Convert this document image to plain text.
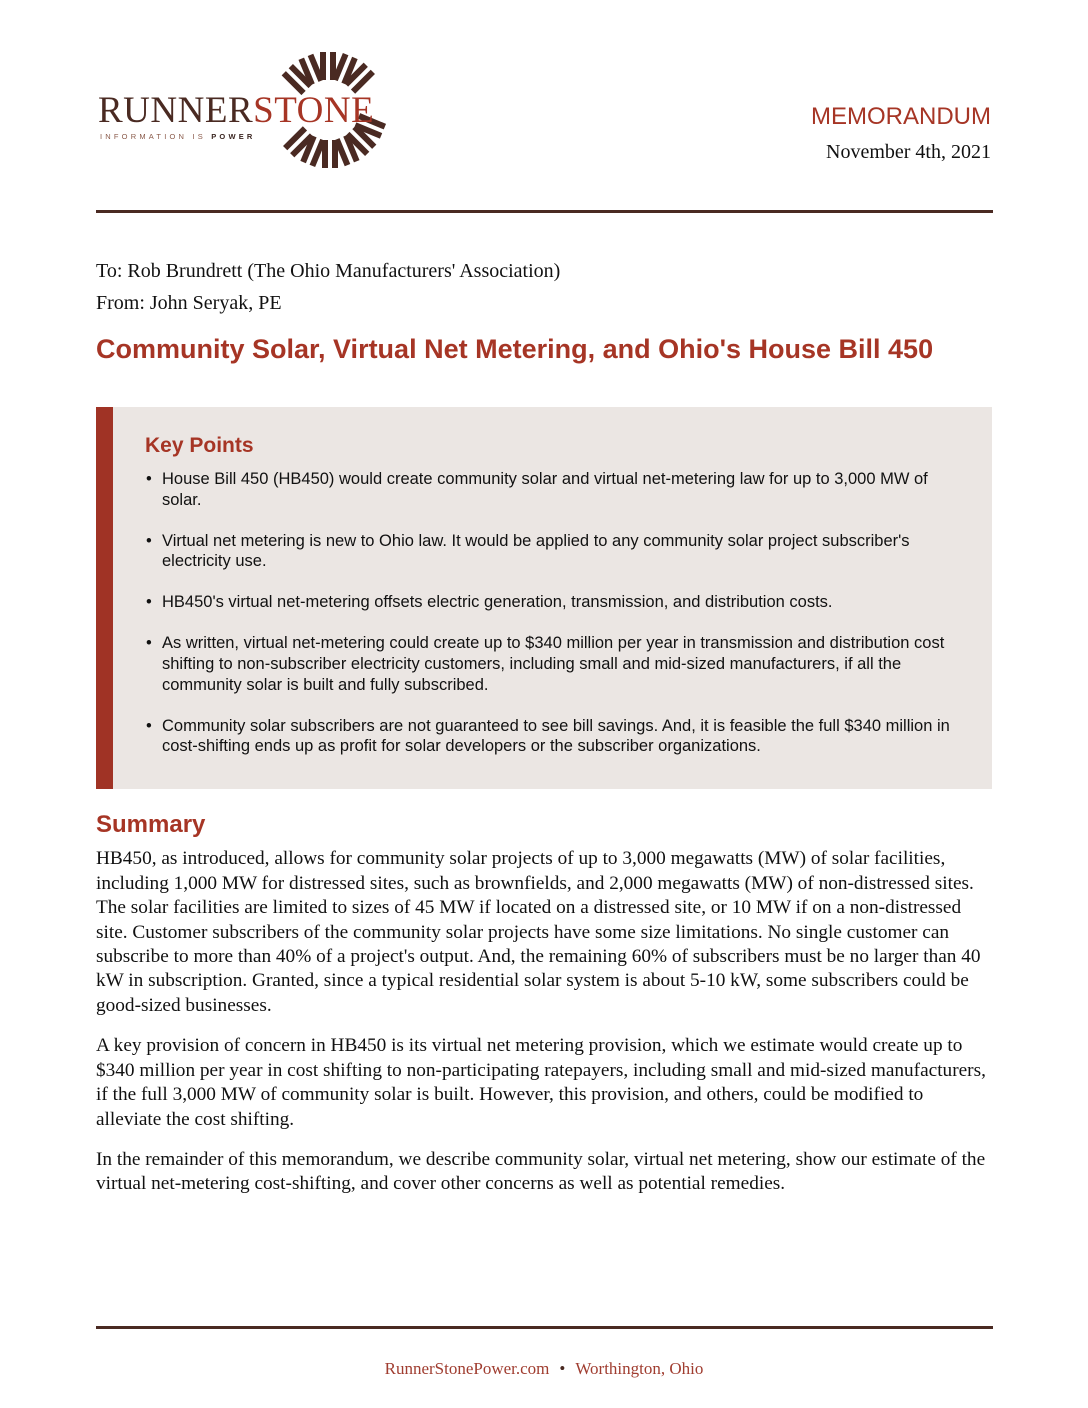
RUNNERSTONE
INFORMATION IS POWER
MEMORANDUM
November 4th, 2021
To: Rob Brundrett (The Ohio Manufacturers' Association)
From: John Seryak, PE
Community Solar, Virtual Net Metering, and Ohio's House Bill 450
Key Points
• House Bill 450 (HB450) would create community solar and virtual net-metering law for up to 3,000 MW of solar.
• Virtual net metering is new to Ohio law. It would be applied to any community solar project subscriber's electricity use.
• HB450's virtual net-metering offsets electric generation, transmission, and distribution costs.
• As written, virtual net-metering could create up to $340 million per year in transmission and distribution cost shifting to non-subscriber electricity customers, including small and mid-sized manufacturers, if all the community solar is built and fully subscribed.
• Community solar subscribers are not guaranteed to see bill savings. And, it is feasible the full $340 million in cost-shifting ends up as profit for solar developers or the subscriber organizations.
Summary

HB450, as introduced, allows for community solar projects of up to 3,000 megawatts (MW) of solar facilities, including 1,000 MW for distressed sites, such as brownfields, and 2,000 megawatts (MW) of non-distressed sites. The solar facilities are limited to sizes of 45 MW if located on a distressed site, or 10 MW if on a non-distressed site. Customer subscribers of the community solar projects have some size limitations. No single customer can subscribe to more than 40% of a project's output. And, the remaining 60% of subscribers must be no larger than 40 kW in subscription. Granted, since a typical residential solar system is about 5-10 kW, some subscribers could be good-sized businesses.

A key provision of concern in HB450 is its virtual net metering provision, which we estimate would create up to $340 million per year in cost shifting to non-participating ratepayers, including small and mid-sized manufacturers, if the full 3,000 MW of community solar is built. However, this provision, and others, could be modified to alleviate the cost shifting.

In the remainder of this memorandum, we describe community solar, virtual net metering, show our estimate of the virtual net-metering cost-shifting, and cover other concerns as well as potential remedies.

RunnerStonePower.com • Worthington, Ohio
